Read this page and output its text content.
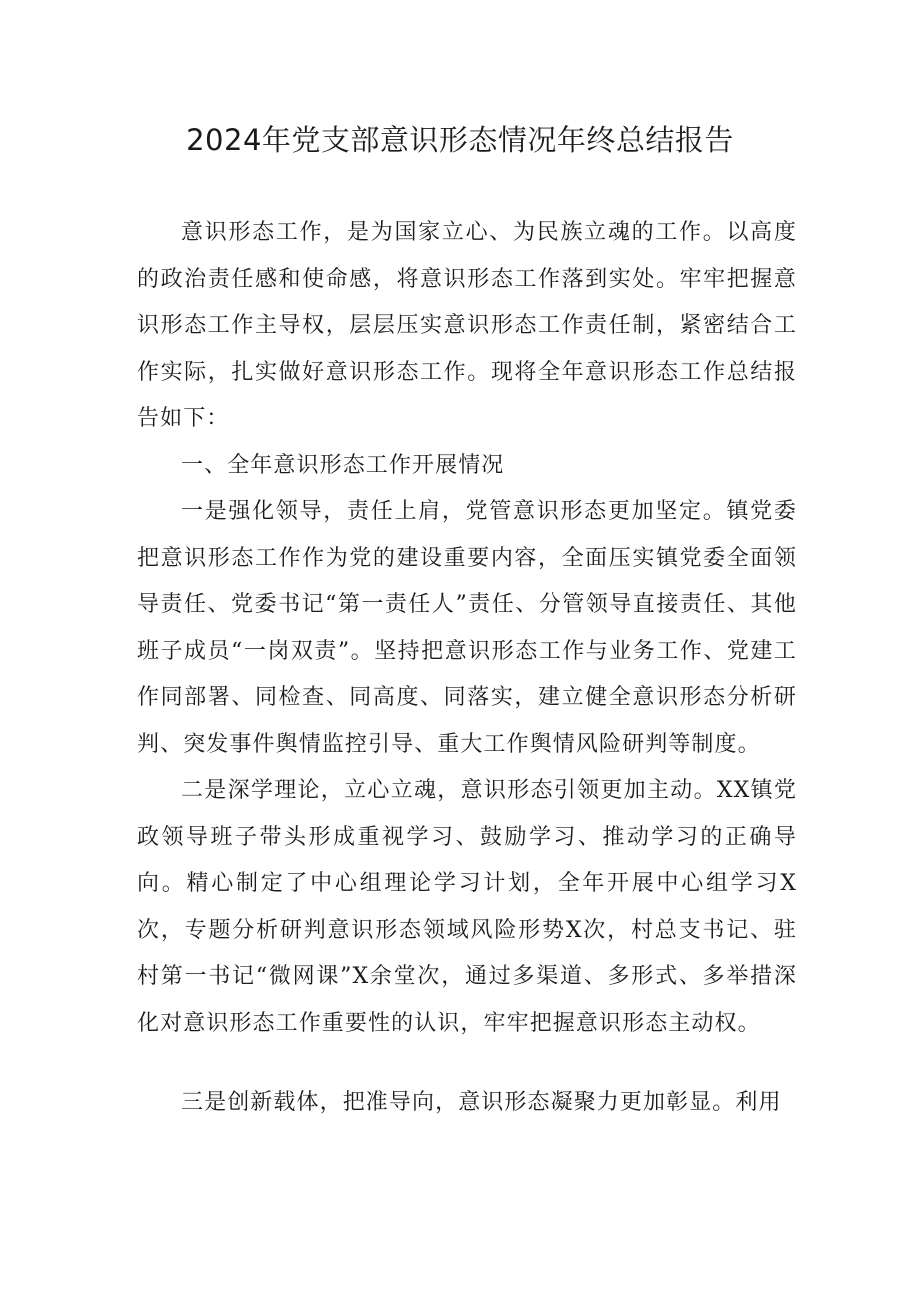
2024年党支部意识形态情况年终总结报告

意识形态工作，是为国家立心、为民族立魂的工作。以高度的政治责任感和使命感，将意识形态工作落到实处。牢牢把握意识形态工作主导权，层层压实意识形态工作责任制，紧密结合工作实际，扎实做好意识形态工作。现将全年意识形态工作总结报告如下：

一、全年意识形态工作开展情况

一是强化领导，责任上肩，党管意识形态更加坚定。镇党委把意识形态工作作为党的建设重要内容，全面压实镇党委全面领导责任、党委书记“第一责任人”责任、分管领导直接责任、其他班子成员“一岗双责”。坚持把意识形态工作与业务工作、党建工作同部署、同检查、同高度、同落实，建立健全意识形态分析研判、突发事件舆情监控引导、重大工作舆情风险研判等制度。

二是深学理论，立心立魂，意识形态引领更加主动。XX镇党政领导班子带头形成重视学习、鼓励学习、推动学习的正确导向。精心制定了中心组理论学习计划，全年开展中心组学习X次，专题分析研判意识形态领域风险形势X次，村总支书记、驻村第一书记“微网课”X余堂次，通过多渠道、多形式、多举措深化对意识形态工作重要性的认识，牢牢把握意识形态主动权。

三是创新载体，把准导向，意识形态凝聚力更加彰显。利用
